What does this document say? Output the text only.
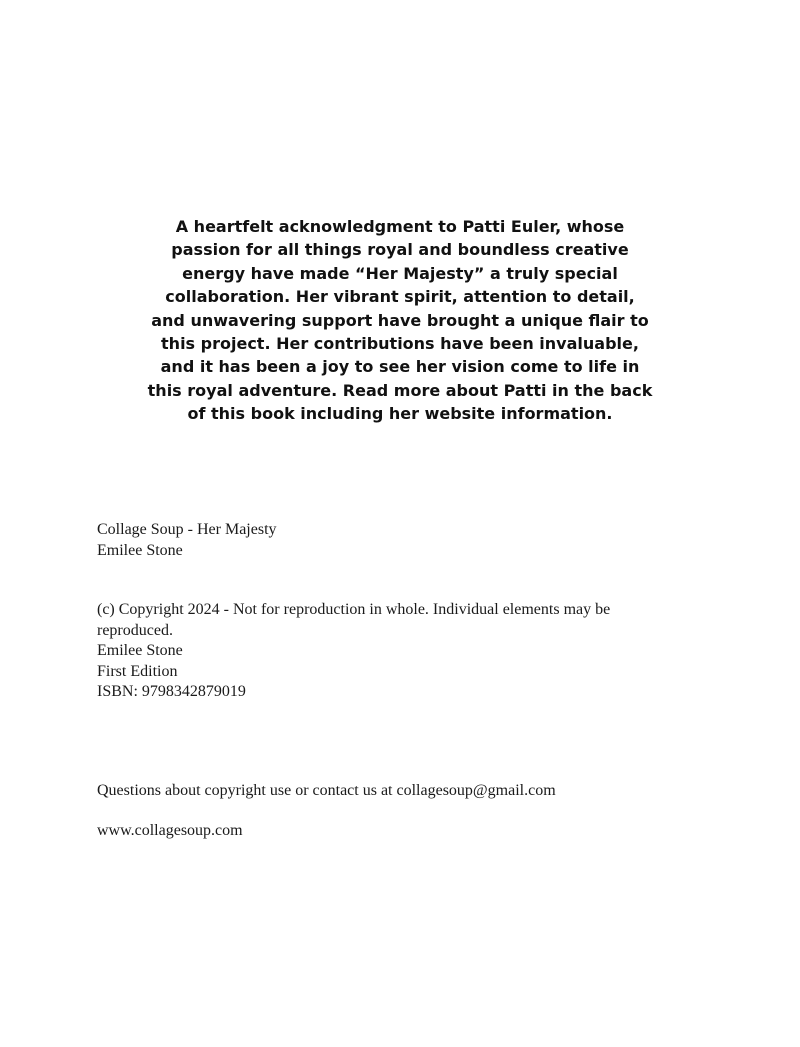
A heartfelt acknowledgment to Patti Euler, whose passion for all things royal and boundless creative energy have made “Her Majesty” a truly special collaboration. Her vibrant spirit, attention to detail, and unwavering support have brought a unique flair to this project. Her contributions have been invaluable, and it has been a joy to see her vision come to life in this royal adventure. Read more about Patti in the back of this book including her website information.

Collage Soup - Her Majesty
Emilee Stone
(c) Copyright 2024 - Not for reproduction in whole. Individual elements may be reproduced.
Emilee Stone
First Edition
ISBN: 9798342879019
Questions about copyright use or contact us at collagesoup@gmail.com
www.collagesoup.com
